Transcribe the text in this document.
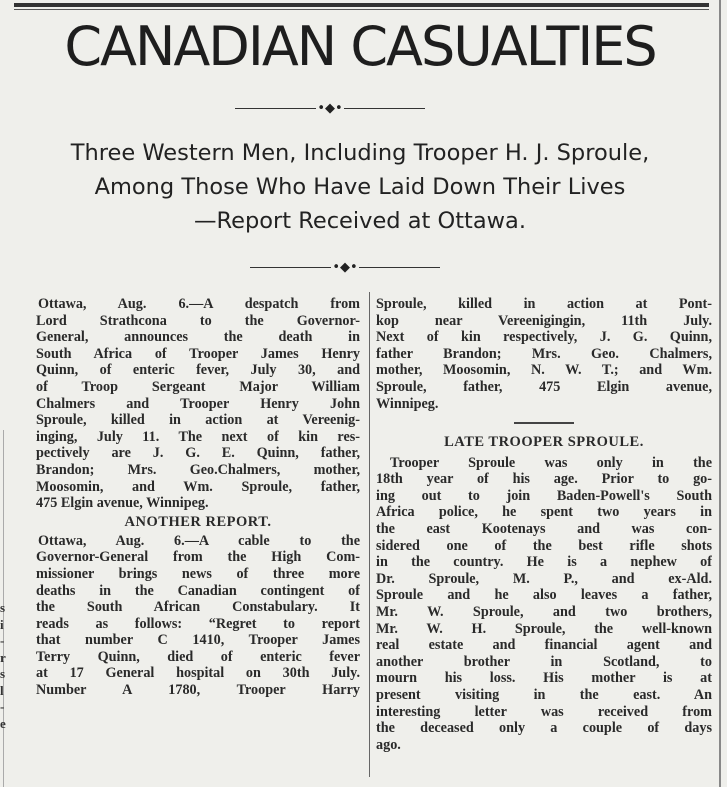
s
i
-
r
s
l
-
e
CANADIAN CASUALTIES
•◆•
Three Western Men, Including Trooper H. J. Sproule,
Among Those Who Have Laid Down Their Lives
—Report Received at Ottawa.
•◆•
Ottawa, Aug. 6.—A despatch from
Lord Strathcona to the Governor-
General, announces the death in
South Africa of Trooper James Henry
Quinn, of enteric fever, July 30, and
of Troop Sergeant Major William
Chalmers and Trooper Henry John
Sproule, killed in action at Vereenig-
inging, July 11. The next of kin res-
pectively are J. G. E. Quinn, father,
Brandon; Mrs. Geo.Chalmers, mother,
Moosomin, and Wm. Sproule, father,
475 Elgin avenue, Winnipeg.
ANOTHER REPORT.
Ottawa, Aug. 6.—A cable to the
Governor-General from the High Com-
missioner brings news of three more
deaths in the Canadian contingent of
the South African Constabulary. It
reads as follows: “Regret to report
that number C 1410, Trooper James
Terry Quinn, died of enteric fever
at 17 General hospital on 30th July.
Number A 1780, Trooper Harry
Sproule, killed in action at Pont-
kop near Vereenigingin, 11th July.
Next of kin respectively, J. G. Quinn,
father Brandon; Mrs. Geo. Chalmers,
mother, Moosomin, N. W. T.; and Wm.
Sproule, father, 475 Elgin avenue,
Winnipeg.
LATE TROOPER SPROULE.
Trooper Sproule was only in the
18th year of his age. Prior to go-
ing out to join Baden-Powell's South
Africa police, he spent two years in
the east Kootenays and was con-
sidered one of the best rifle shots
in the country. He is a nephew of
Dr. Sproule, M. P., and ex-Ald.
Sproule and he also leaves a father,
Mr. W. Sproule, and two brothers,
Mr. W. H. Sproule, the well-known
real estate and financial agent and
another brother in Scotland, to
mourn his loss. His mother is at
present visiting in the east. An
interesting letter was received from
the deceased only a couple of days
ago.
